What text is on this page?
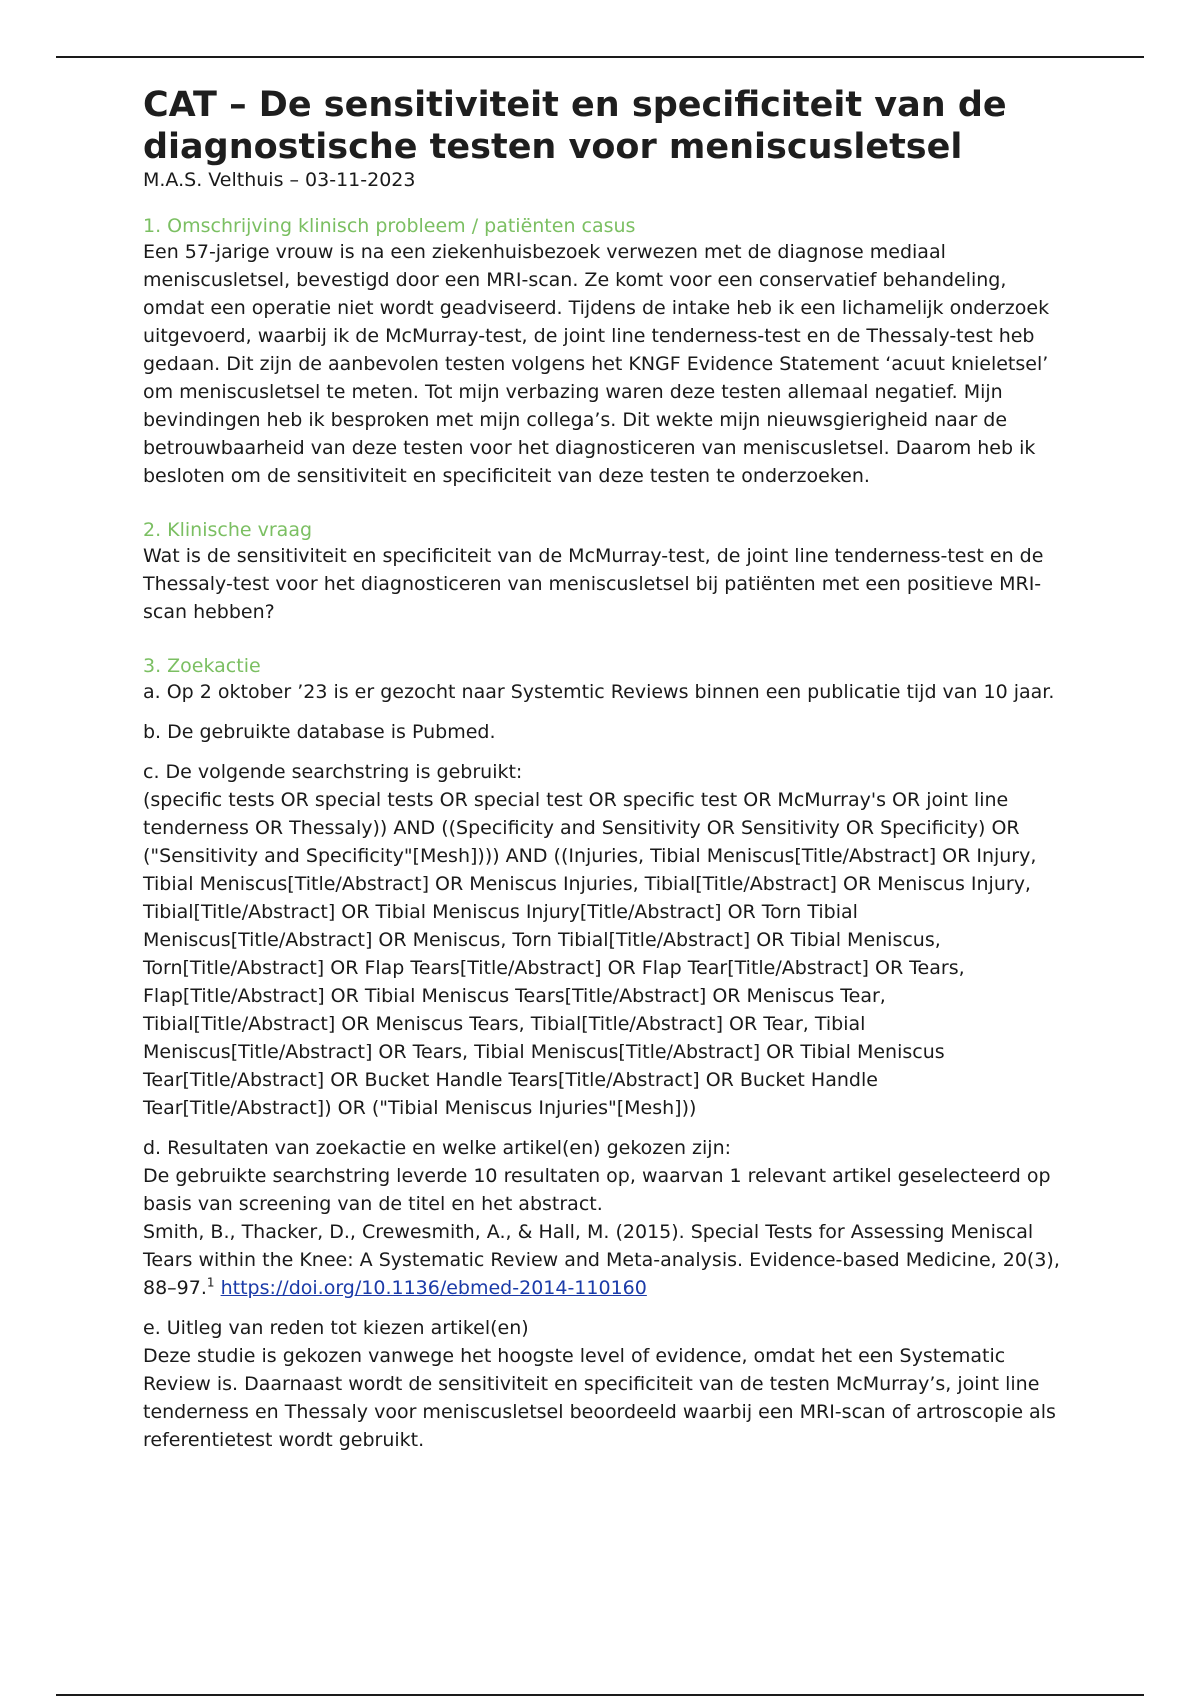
CAT – De sensitiviteit en specificiteit van de diagnostische testen voor meniscusletsel
M.A.S. Velthuis – 03-11-2023
1. Omschrijving klinisch probleem / patiënten casus

Een 57-jarige vrouw is na een ziekenhuisbezoek verwezen met de diagnose mediaal meniscusletsel, bevestigd door een MRI-scan. Ze komt voor een conservatief behandeling, omdat een operatie niet wordt geadviseerd. Tijdens de intake heb ik een lichamelijk onderzoek uitgevoerd, waarbij ik de McMurray-test, de joint line tenderness-test en de Thessaly-test heb gedaan. Dit zijn de aanbevolen testen volgens het KNGF Evidence Statement ‘acuut knieletsel’ om meniscusletsel te meten. Tot mijn verbazing waren deze testen allemaal negatief. Mijn bevindingen heb ik besproken met mijn collega’s. Dit wekte mijn nieuwsgierigheid naar de betrouwbaarheid van deze testen voor het diagnosticeren van meniscusletsel. Daarom heb ik besloten om de sensitiviteit en specificiteit van deze testen te onderzoeken.

2. Klinische vraag

Wat is de sensitiviteit en specificiteit van de McMurray-test, de joint line tenderness-test en de Thessaly-test voor het diagnosticeren van meniscusletsel bij patiënten met een positieve MRI-scan hebben?

3. Zoekactie

a. Op 2 oktober ’23 is er gezocht naar Systemtic Reviews binnen een publicatie tijd van 10 jaar.

b. De gebruikte database is Pubmed.

c. De volgende searchstring is gebruikt:

(specific tests OR special tests OR special test OR specific test OR McMurray's OR joint line tenderness OR Thessaly)) AND ((Specificity and Sensitivity OR Sensitivity OR Specificity) OR ("Sensitivity and Specificity"[Mesh]))) AND ((Injuries, Tibial Meniscus[Title/Abstract] OR Injury, Tibial Meniscus[Title/Abstract] OR Meniscus Injuries, Tibial[Title/Abstract] OR Meniscus Injury, Tibial[Title/Abstract] OR Tibial Meniscus Injury[Title/Abstract] OR Torn Tibial Meniscus[Title/Abstract] OR Meniscus, Torn Tibial[Title/Abstract] OR Tibial Meniscus, Torn[Title/Abstract] OR Flap Tears[Title/Abstract] OR Flap Tear[Title/Abstract] OR Tears, Flap[Title/Abstract] OR Tibial Meniscus Tears[Title/Abstract] OR Meniscus Tear, Tibial[Title/Abstract] OR Meniscus Tears, Tibial[Title/Abstract] OR Tear, Tibial Meniscus[Title/Abstract] OR Tears, Tibial Meniscus[Title/Abstract] OR Tibial Meniscus Tear[Title/Abstract] OR Bucket Handle Tears[Title/Abstract] OR Bucket Handle Tear[Title/Abstract]) OR ("Tibial Meniscus Injuries"[Mesh]))

d. Resultaten van zoekactie en welke artikel(en) gekozen zijn:

De gebruikte searchstring leverde 10 resultaten op, waarvan 1 relevant artikel geselecteerd op basis van screening van de titel en het abstract.

Smith, B., Thacker, D., Crewesmith, A., & Hall, M. (2015). Special Tests for Assessing Meniscal Tears within the Knee: A Systematic Review and Meta-analysis. Evidence-based Medicine, 20(3), 88–97.$^1$ https://doi.org/10.1136/ebmed-2014-110160

e. Uitleg van reden tot kiezen artikel(en)

Deze studie is gekozen vanwege het hoogste level of evidence, omdat het een Systematic Review is. Daarnaast wordt de sensitiviteit en specificiteit van de testen McMurray’s, joint line tenderness en Thessaly voor meniscusletsel beoordeeld waarbij een MRI-scan of artroscopie als referentietest wordt gebruikt.
